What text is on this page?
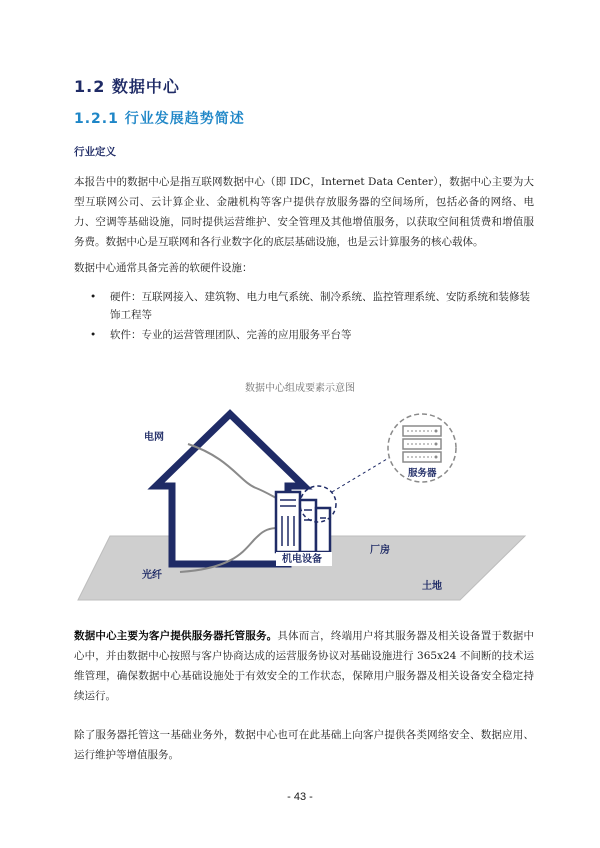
1.2 数据中心
1.2.1 行业发展趋势简述
行业定义

本报告中的数据中心是指互联网数据中心（即 IDC，Internet Data Center），数据中心主要为大型互联网公司、云计算企业、金融机构等客户提供存放服务器的空间场所，包括必备的网络、电力、空调等基础设施，同时提供运营维护、安全管理及其他增值服务，以获取空间租赁费和增值服务费。数据中心是互联网和各行业数字化的底层基础设施，也是云计算服务的核心载体。

数据中心通常具备完善的软硬件设施：

• 硬件：互联网接入、建筑物、电力电气系统、制冷系统、监控管理系统、安防系统和装修装饰工程等
• 软件：专业的运营管理团队、完善的应用服务平台等
数据中心组成要素示意图
电网
光纤
机电设备
厂房
土地
服务器

数据中心主要为客户提供服务器托管服务。具体而言，终端用户将其服务器及相关设备置于数据中心中，并由数据中心按照与客户协商达成的运营服务协议对基础设施进行 365x24 不间断的技术运维管理，确保数据中心基础设施处于有效安全的工作状态，保障用户服务器及相关设备安全稳定持续运行。

除了服务器托管这一基础业务外，数据中心也可在此基础上向客户提供各类网络安全、数据应用、运行维护等增值服务。

- 43 -
